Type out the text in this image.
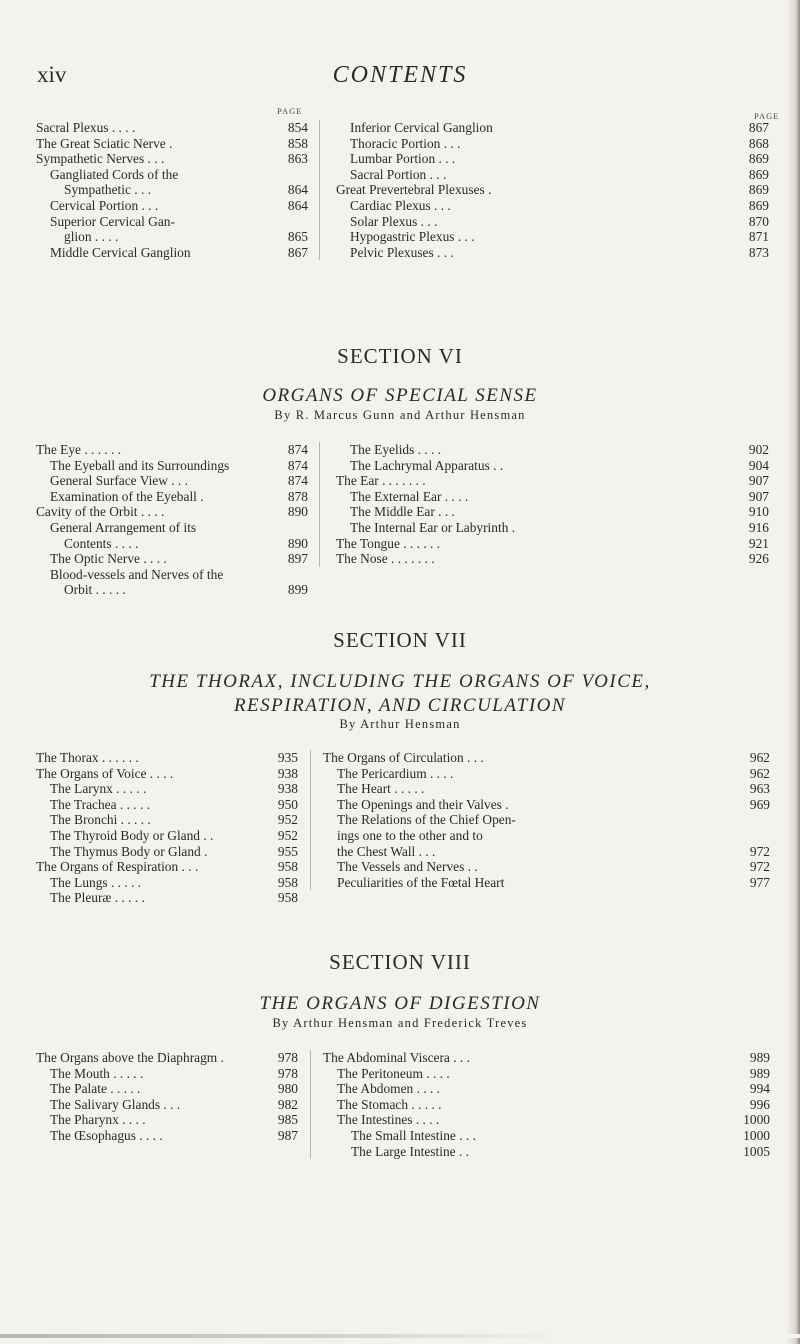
xiv	CONTENTS
PAGE	PAGE
Sacral Plexus . . . .	854
The Great Sciatic Nerve .	858
Sympathetic Nerves . . .	863
Gangliated Cords of the
Sympathetic . . .	864
Cervical Portion . . .	864
Superior Cervical Gan-
glion . . . .	865
Middle Cervical Ganglion	867
Inferior Cervical Ganglion	867
Thoracic Portion . . .	868
Lumbar Portion . . .	869
Sacral Portion . . .	869
Great Prevertebral Plexuses .	869
Cardiac Plexus . . .	869
Solar Plexus . . .	870
Hypogastric Plexus . . .	871
Pelvic Plexuses . . .	873
SECTION VI
ORGANS OF SPECIAL SENSE
By R. Marcus Gunn and Arthur Hensman
The Eye . . . . . .	874
The Eyeball and its Surroundings	874
General Surface View . . .	874
Examination of the Eyeball .	878
Cavity of the Orbit . . . .	890
General Arrangement of its
Contents . . . .	890
The Optic Nerve . . . .	897
Blood-vessels and Nerves of the
Orbit . . . . .	899
The Eyelids . . . .	902
The Lachrymal Apparatus . .	904
The Ear . . . . . . .	907
The External Ear . . . .	907
The Middle Ear . . .	910
The Internal Ear or Labyrinth .	916
The Tongue . . . . . .	921
The Nose . . . . . . .	926
SECTION VII
THE THORAX, INCLUDING THE ORGANS OF VOICE,
RESPIRATION, AND CIRCULATION
By Arthur Hensman
The Thorax . . . . . .	935
The Organs of Voice . . . .	938
The Larynx . . . . .	938
The Trachea . . . . .	950
The Bronchi . . . . .	952
The Thyroid Body or Gland . .	952
The Thymus Body or Gland .	955
The Organs of Respiration . . .	958
The Lungs . . . . .	958
The Pleuræ . . . . .	958
The Organs of Circulation . . .	962
The Pericardium . . . .	962
The Heart . . . . .	963
The Openings and their Valves .	969
The Relations of the Chief Open-
ings one to the other and to
the Chest Wall . . .	972
The Vessels and Nerves . .	972
Peculiarities of the Fœtal Heart	977
SECTION VIII
THE ORGANS OF DIGESTION
By Arthur Hensman and Frederick Treves
The Organs above the Diaphragm .	978
The Mouth . . . . .	978
The Palate . . . . .	980
The Salivary Glands . . .	982
The Pharynx . . . .	985
The Œsophagus . . . .	987
The Abdominal Viscera . . .	989
The Peritoneum . . . .	989
The Abdomen . . . .	994
The Stomach . . . . .	996
The Intestines . . . .	1000
The Small Intestine . . .	1000
The Large Intestine . .	1005
